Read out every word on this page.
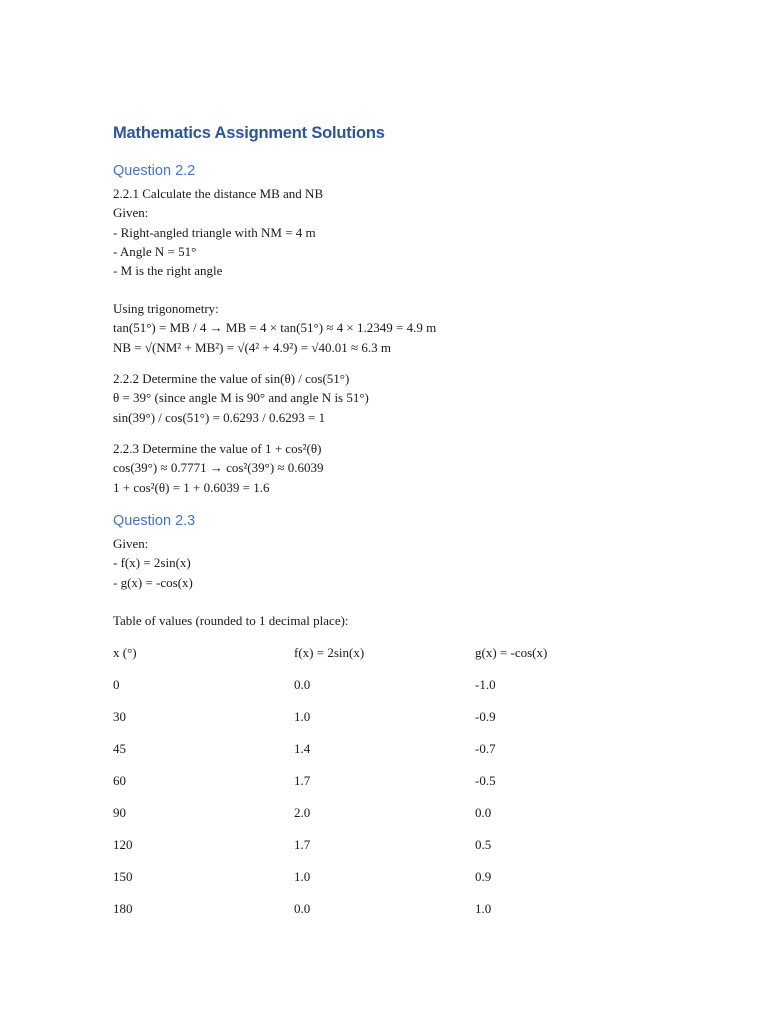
Mathematics Assignment Solutions
Question 2.2
2.2.1 Calculate the distance MB and NB
Given:
- Right-angled triangle with NM = 4 m
- Angle N = 51°
- M is the right angle
Using trigonometry:
tan(51°) = MB / 4 → MB = 4 × tan(51°) ≈ 4 × 1.2349 = 4.9 m
NB = √(NM² + MB²) = √(4² + 4.9²) = √40.01 ≈ 6.3 m
2.2.2 Determine the value of sin(θ) / cos(51°)
θ = 39° (since angle M is 90° and angle N is 51°)
sin(39°) / cos(51°) = 0.6293 / 0.6293 = 1
2.2.3 Determine the value of 1 + cos²(θ)
cos(39°) ≈ 0.7771 → cos²(39°) ≈ 0.6039
1 + cos²(θ) = 1 + 0.6039 = 1.6
Question 2.3
Given:
- f(x) = 2sin(x)
- g(x) = -cos(x)
Table of values (rounded to 1 decimal place):
x (°)	f(x) = 2sin(x)	g(x) = -cos(x)
0	0.0	-1.0
30	1.0	-0.9
45	1.4	-0.7
60	1.7	-0.5
90	2.0	0.0
120	1.7	0.5
150	1.0	0.9
180	0.0	1.0
